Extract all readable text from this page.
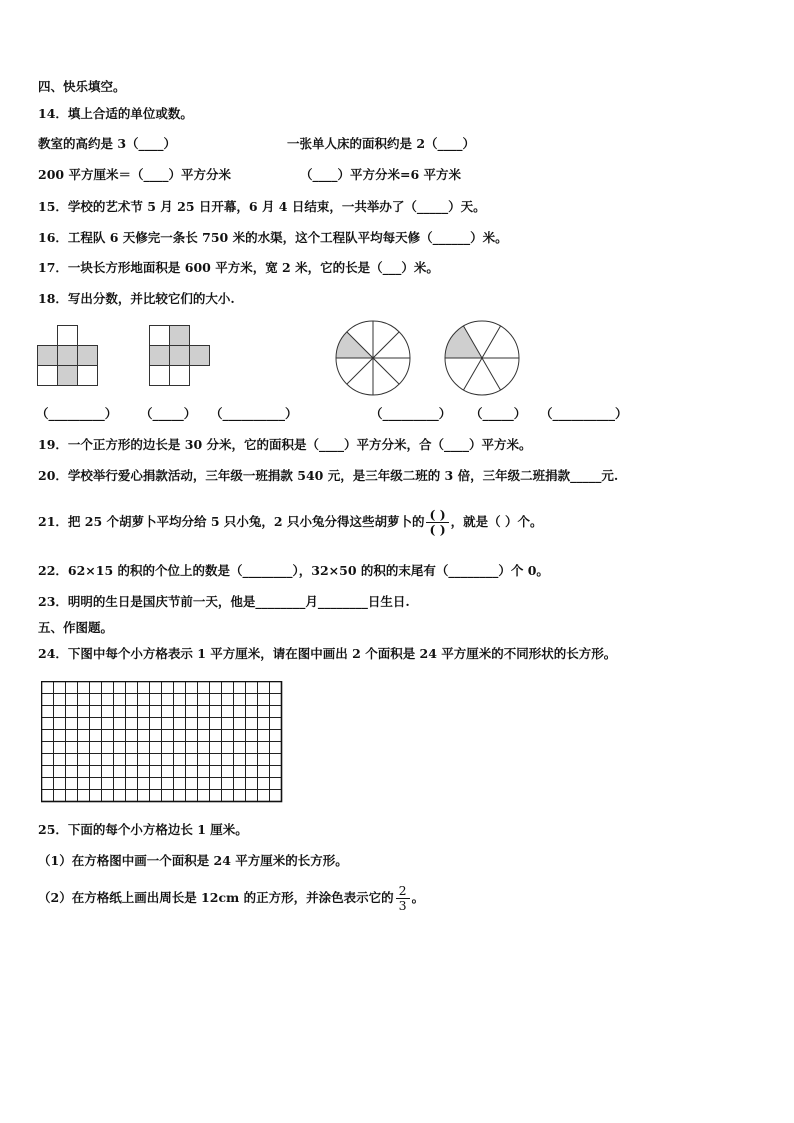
四、快乐填空。
14．填上合适的单位或数。
教室的高约是 3（____）	一张单人床的面积约是 2（____）
200 平方厘米＝（____）平方分米	（____）平方分米=6 平方米
15．学校的艺术节 5 月 25 日开幕，6 月 4 日结束，一共举办了（_____）天。
16．工程队 6 天修完一条长 750 米的水渠，这个工程队平均每天修（______）米。
17．一块长方形地面积是 600 平方米，宽 2 米，它的长是（___）米。
18．写出分数，并比较它们的大小.
（_________） （_____） （__________）	（_________） （_____） （__________）
19．一个正方形的边长是 30 分米，它的面积是（____）平方分米，合（____）平方米。
20．学校举行爱心捐款活动，三年级一班捐款 540 元，是三年级二班的 3 倍，三年级二班捐款_____元.
21．把 25 个胡萝卜平均分给 5 只小兔，2 只小兔分得这些胡萝卜的 $\frac{( )}{( )}$ ，就是（ ）个。
22．62×15 的积的个位上的数是（________），32×50 的积的末尾有（________）个 0。
23．明明的生日是国庆节前一天，他是________月________日生日.
五、作图题。
24．下图中每个小方格表示 1 平方厘米，请在图中画出 2 个面积是 24 平方厘米的不同形状的长方形。
25．下面的每个小方格边长 1 厘米。
（1）在方格图中画一个面积是 24 平方厘米的长方形。
（2）在方格纸上画出周长是 12cm 的正方形，并涂色表示它的 $\frac{2}{3}$ 。
